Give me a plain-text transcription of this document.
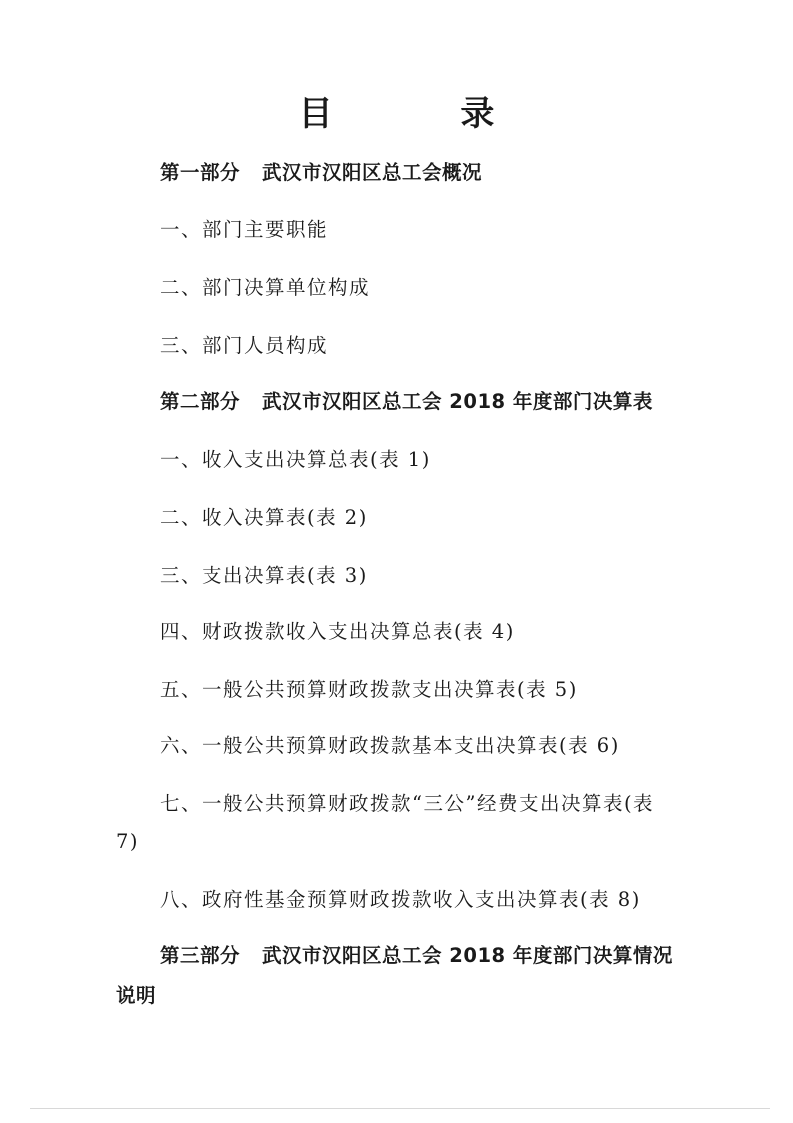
目 录
第一部分 武汉市汉阳区总工会概况
一、部门主要职能
二、部门决算单位构成
三、部门人员构成
第二部分 武汉市汉阳区总工会 2018 年度部门决算表
一、收入支出决算总表(表 1)
二、收入决算表(表 2)
三、支出决算表(表 3)
四、财政拨款收入支出决算总表(表 4)
五、一般公共预算财政拨款支出决算表(表 5)
六、一般公共预算财政拨款基本支出决算表(表 6)
七、一般公共预算财政拨款“三公”经费支出决算表(表
7)
八、政府性基金预算财政拨款收入支出决算表(表 8)
第三部分 武汉市汉阳区总工会 2018 年度部门决算情况
说明
